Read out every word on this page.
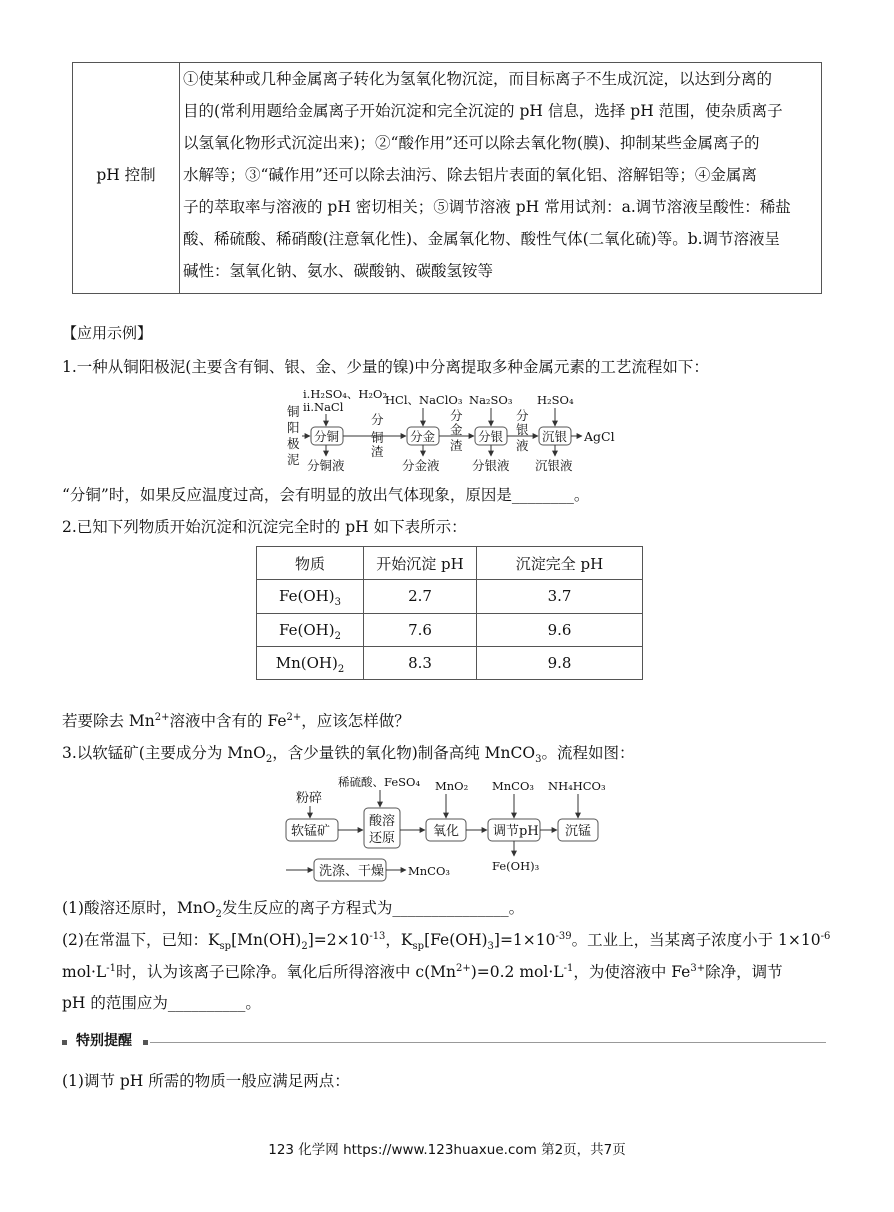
pH 控制
①使某种或几种金属离子转化为氢氧化物沉淀，而目标离子不生成沉淀，以达到分离的
目的(常利用题给金属离子开始沉淀和完全沉淀的 pH 信息，选择 pH 范围，使杂质离子
以氢氧化物形式沉淀出来)；②“酸作用”还可以除去氧化物(膜)、抑制某些金属离子的
水解等；③“碱作用”还可以除去油污、除去铝片表面的氧化铝、溶解铝等；④金属离
子的萃取率与溶液的 pH 密切相关；⑤调节溶液 pH 常用试剂：a.调节溶液呈酸性：稀盐
酸、稀硫酸、稀硝酸(注意氧化性)、金属氧化物、酸性气体(二氧化硫)等。b.调节溶液呈
碱性：氢氧化钠、氨水、碳酸钠、碳酸氢铵等
【应用示例】
1.一种从铜阳极泥(主要含有铜、银、金、少量的镍)中分离提取多种金属元素的工艺流程如下：
铜
阳
极
泥
i.H₂SO₄、H₂O₂
ii.NaCl
分铜
分铜液
分
铜
渣
HCl、NaClO₃
分金
分金液
分
金
渣
Na₂SO₃
分银
分银液
分
银
液
H₂SO₄
沉银
沉银液
AgCl
“分铜”时，如果反应温度过高，会有明显的放出气体现象，原因是________。
2.已知下列物质开始沉淀和沉淀完全时的 pH 如下表所示：
物质	开始沉淀 pH	沉淀完全 pH
$Fe(OH)_3$	2.7	3.7
$Fe(OH)_2$	7.6	9.6
$Mn(OH)_2$	8.3	9.8
若要除去 $Mn^{2+}$溶液中含有的 $Fe^{2+}$，应该怎样做？
3.以软锰矿(主要成分为 MnO$_2$，含少量铁的氧化物)制备高纯 MnCO$_3$。流程如图：
粉碎
软锰矿
稀硫酸、FeSO₄
酸溶
还原
MnO₂
氧化
MnCO₃
调节pH
Fe(OH)₃
NH₄HCO₃
沉锰
洗涤、干燥 MnCO₃
(1)酸溶还原时，MnO$_2$发生反应的离子方程式为_______________。
(2)在常温下，已知：$K_{sp}[Mn(OH)_2]=2\times 10^{-13}$，$K_{sp}[Fe(OH)_3]=1\times 10^{-39}$。工业上，当某离子浓度小于 $1\times 10^{-6}$
$mol\cdot L^{-1}$时，认为该离子已除净。氧化后所得溶液中 $c(Mn^{2+})=0.2$ $mol\cdot L^{-1}$，为使溶液中 $Fe^{3+}$除净，调节
pH 的范围应为__________。
特别提醒
(1)调节 pH 所需的物质一般应满足两点：
123 化学网 https://www.123huaxue.com 第2页，共7页
